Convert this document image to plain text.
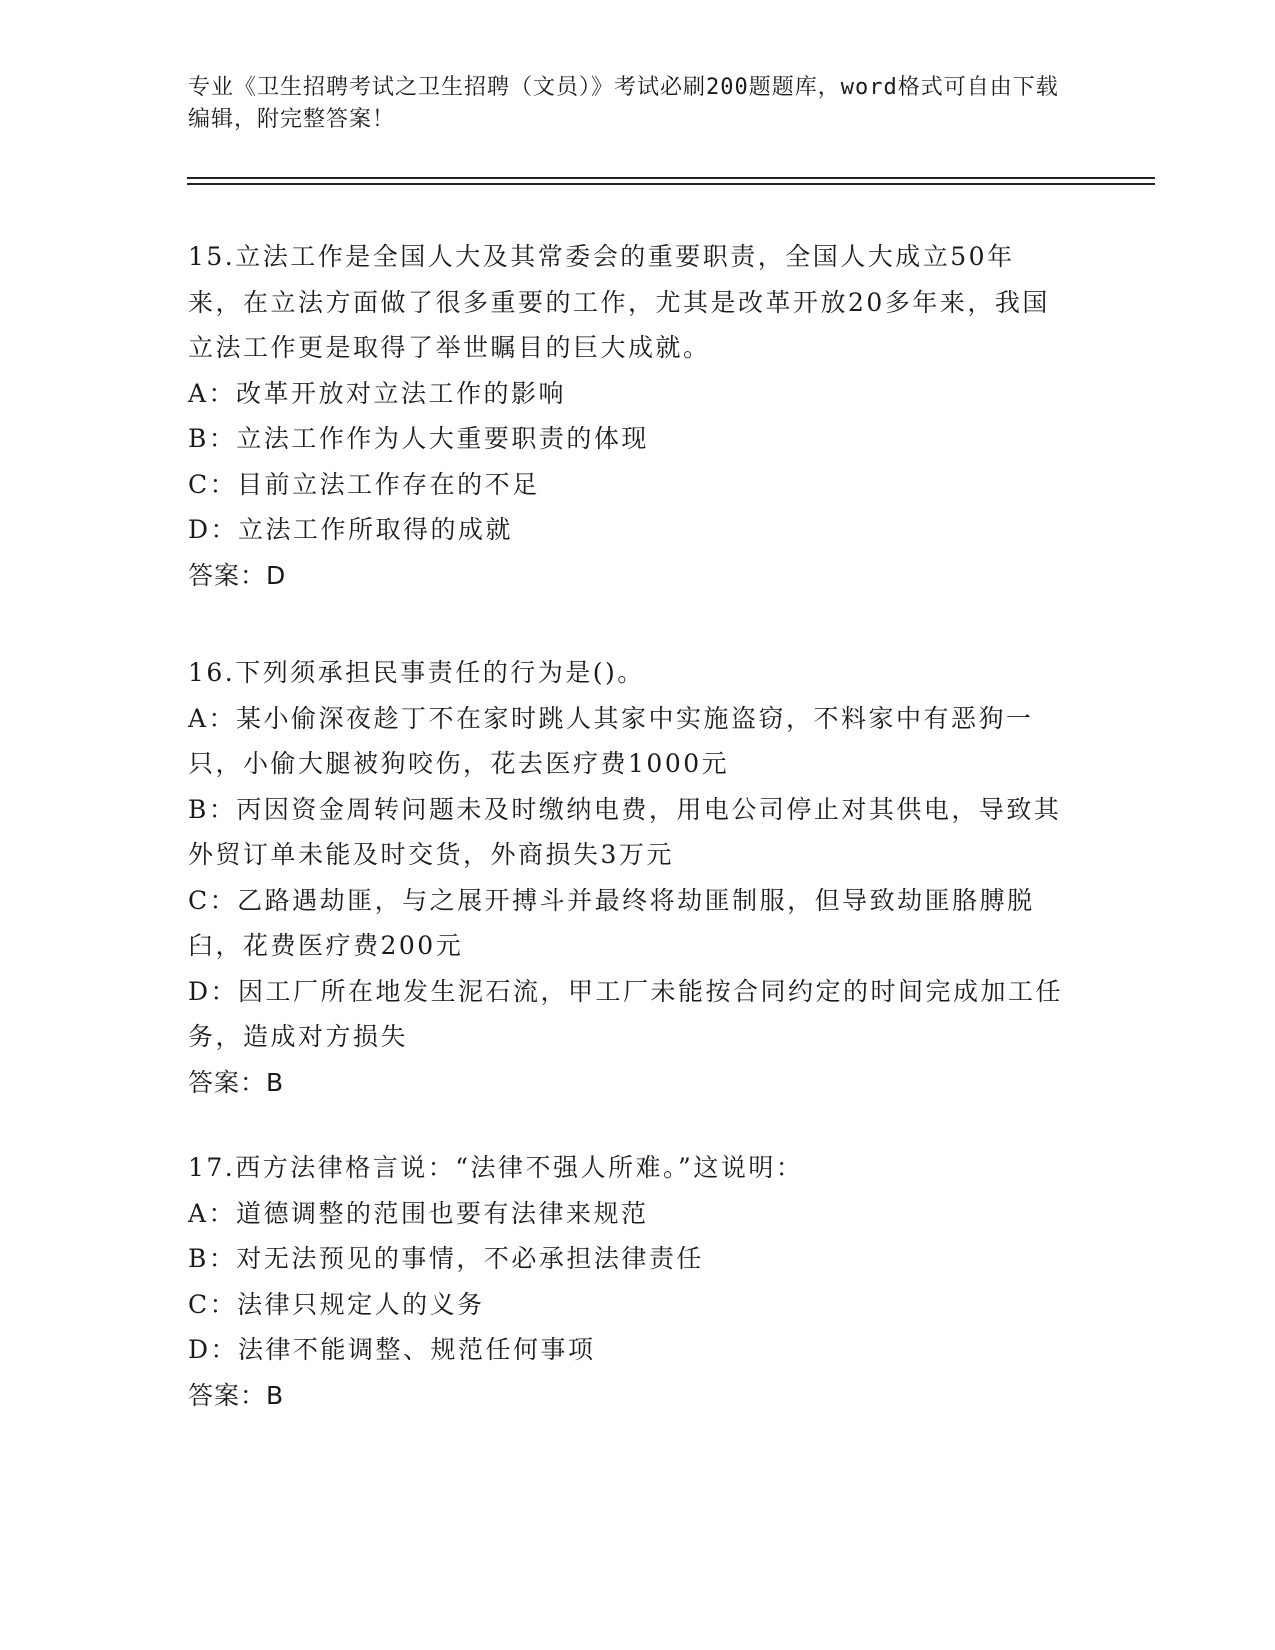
专业《卫生招聘考试之卫生招聘（文员）》考试必刷200题题库，word格式可自由下载编辑，附完整答案！

15.立法工作是全国人大及其常委会的重要职责，全国人大成立50年来，在立法方面做了很多重要的工作，尤其是改革开放20多年来，我国立法工作更是取得了举世瞩目的巨大成就。

A：改革开放对立法工作的影响

B：立法工作作为人大重要职责的体现

C：目前立法工作存在的不足

D：立法工作所取得的成就

答案：D

16.下列须承担民事责任的行为是()。

A：某小偷深夜趁丁不在家时跳人其家中实施盗窃，不料家中有恶狗一只，小偷大腿被狗咬伤，花去医疗费1000元

B：丙因资金周转问题未及时缴纳电费，用电公司停止对其供电，导致其外贸订单未能及时交货，外商损失3万元

C：乙路遇劫匪，与之展开搏斗并最终将劫匪制服，但导致劫匪胳膊脱臼，花费医疗费200元

D：因工厂所在地发生泥石流，甲工厂未能按合同约定的时间完成加工任务，造成对方损失

答案：B

17.西方法律格言说：“法律不强人所难。”这说明：

A：道德调整的范围也要有法律来规范

B：对无法预见的事情，不必承担法律责任

C：法律只规定人的义务

D：法律不能调整、规范任何事项

答案：B
